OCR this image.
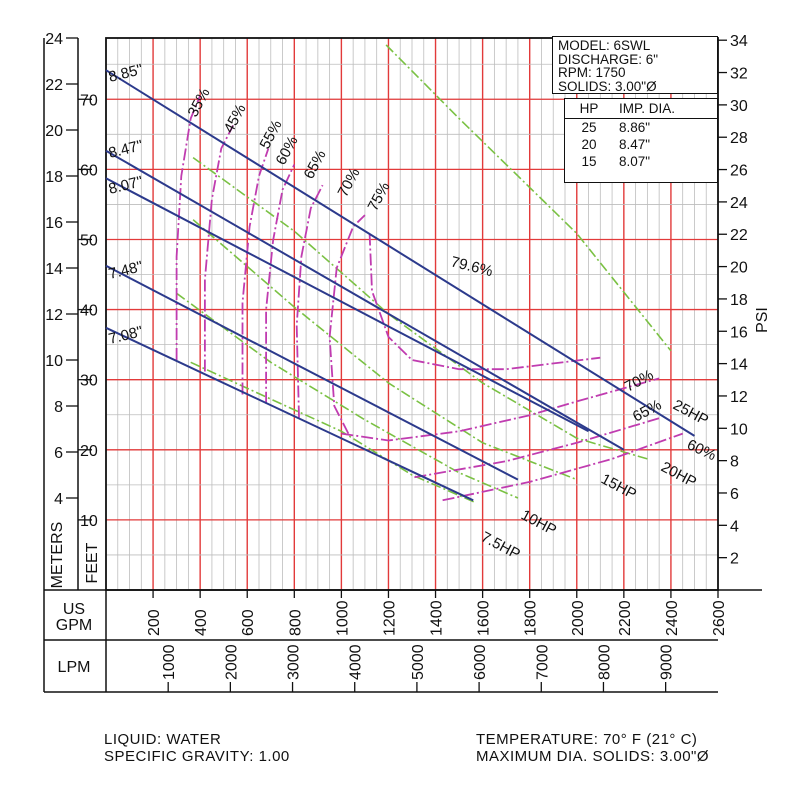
4
6
8
10
12
14
16
18
20
22
24
10
20
30
40
50
60
70
2
4
6
8
10
12
14
16
18
20
22
24
26
28
30
32
34
PSI
METERS FEET
200 400 600 800 1000 1200 1400 1600 1800 2000 2200 2400 2600
1000	2000	3000	4000	5000	6000	7000	8000	9000
US
GPM
LPM
8.85"
8.47"
8.07"
7.48"
7.08"
35% 45% 55%
60%
65%
70% 75%
70%
65%
60%
79.6%
25HP
20HP
15HP
10HP
7.5HP
MODEL: 6SWL
DISCHARGE: 6"
RPM: 1750
SOLIDS: 3.00"Ø
HP	IMP. DIA.
25	8.86"
20	8.47"
15	8.07"
LIQUID: WATER
SPECIFIC GRAVITY: 1.00
TEMPERATURE: 70° F (21° C)
MAXIMUM DIA. SOLIDS: 3.00"Ø
